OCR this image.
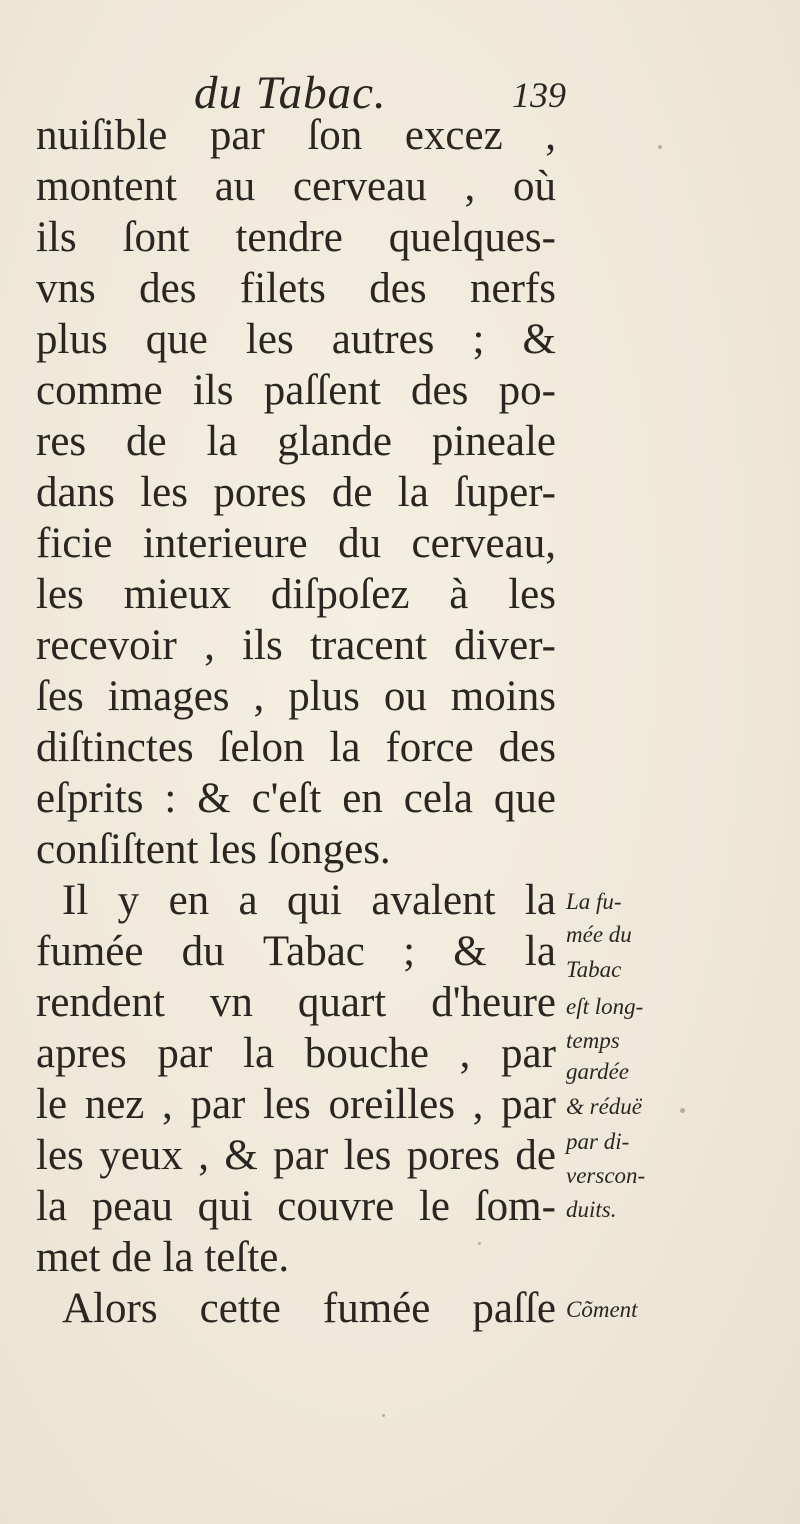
du Tabac.	139
nuiſible par ſon excez ,
montent au cerveau , où
ils ſont tendre quelques-
vns des filets des nerfs
plus que les autres ; &
comme ils paſſent des po-
res de la glande pineale
dans les pores de la ſuper-
ficie interieure du cerveau,
les mieux diſpoſez à les
recevoir , ils tracent diver-
ſes images , plus ou moins
diſtinctes ſelon la force des
eſprits : & c'eſt en cela que
conſiſtent les ſonges.
Il y en a qui avalent la
fumée du Tabac ; & la
rendent vn quart d'heure
apres par la bouche , par
le nez , par les oreilles , par
les yeux , & par les pores de
la peau qui couvre le ſom-
met de la teſte.
Alors cette fumée paſſe
La fu-
mée du
Tabac
eſt long-
temps
gardée
& réduë
par di-
verscon-
duits.
Cõment
